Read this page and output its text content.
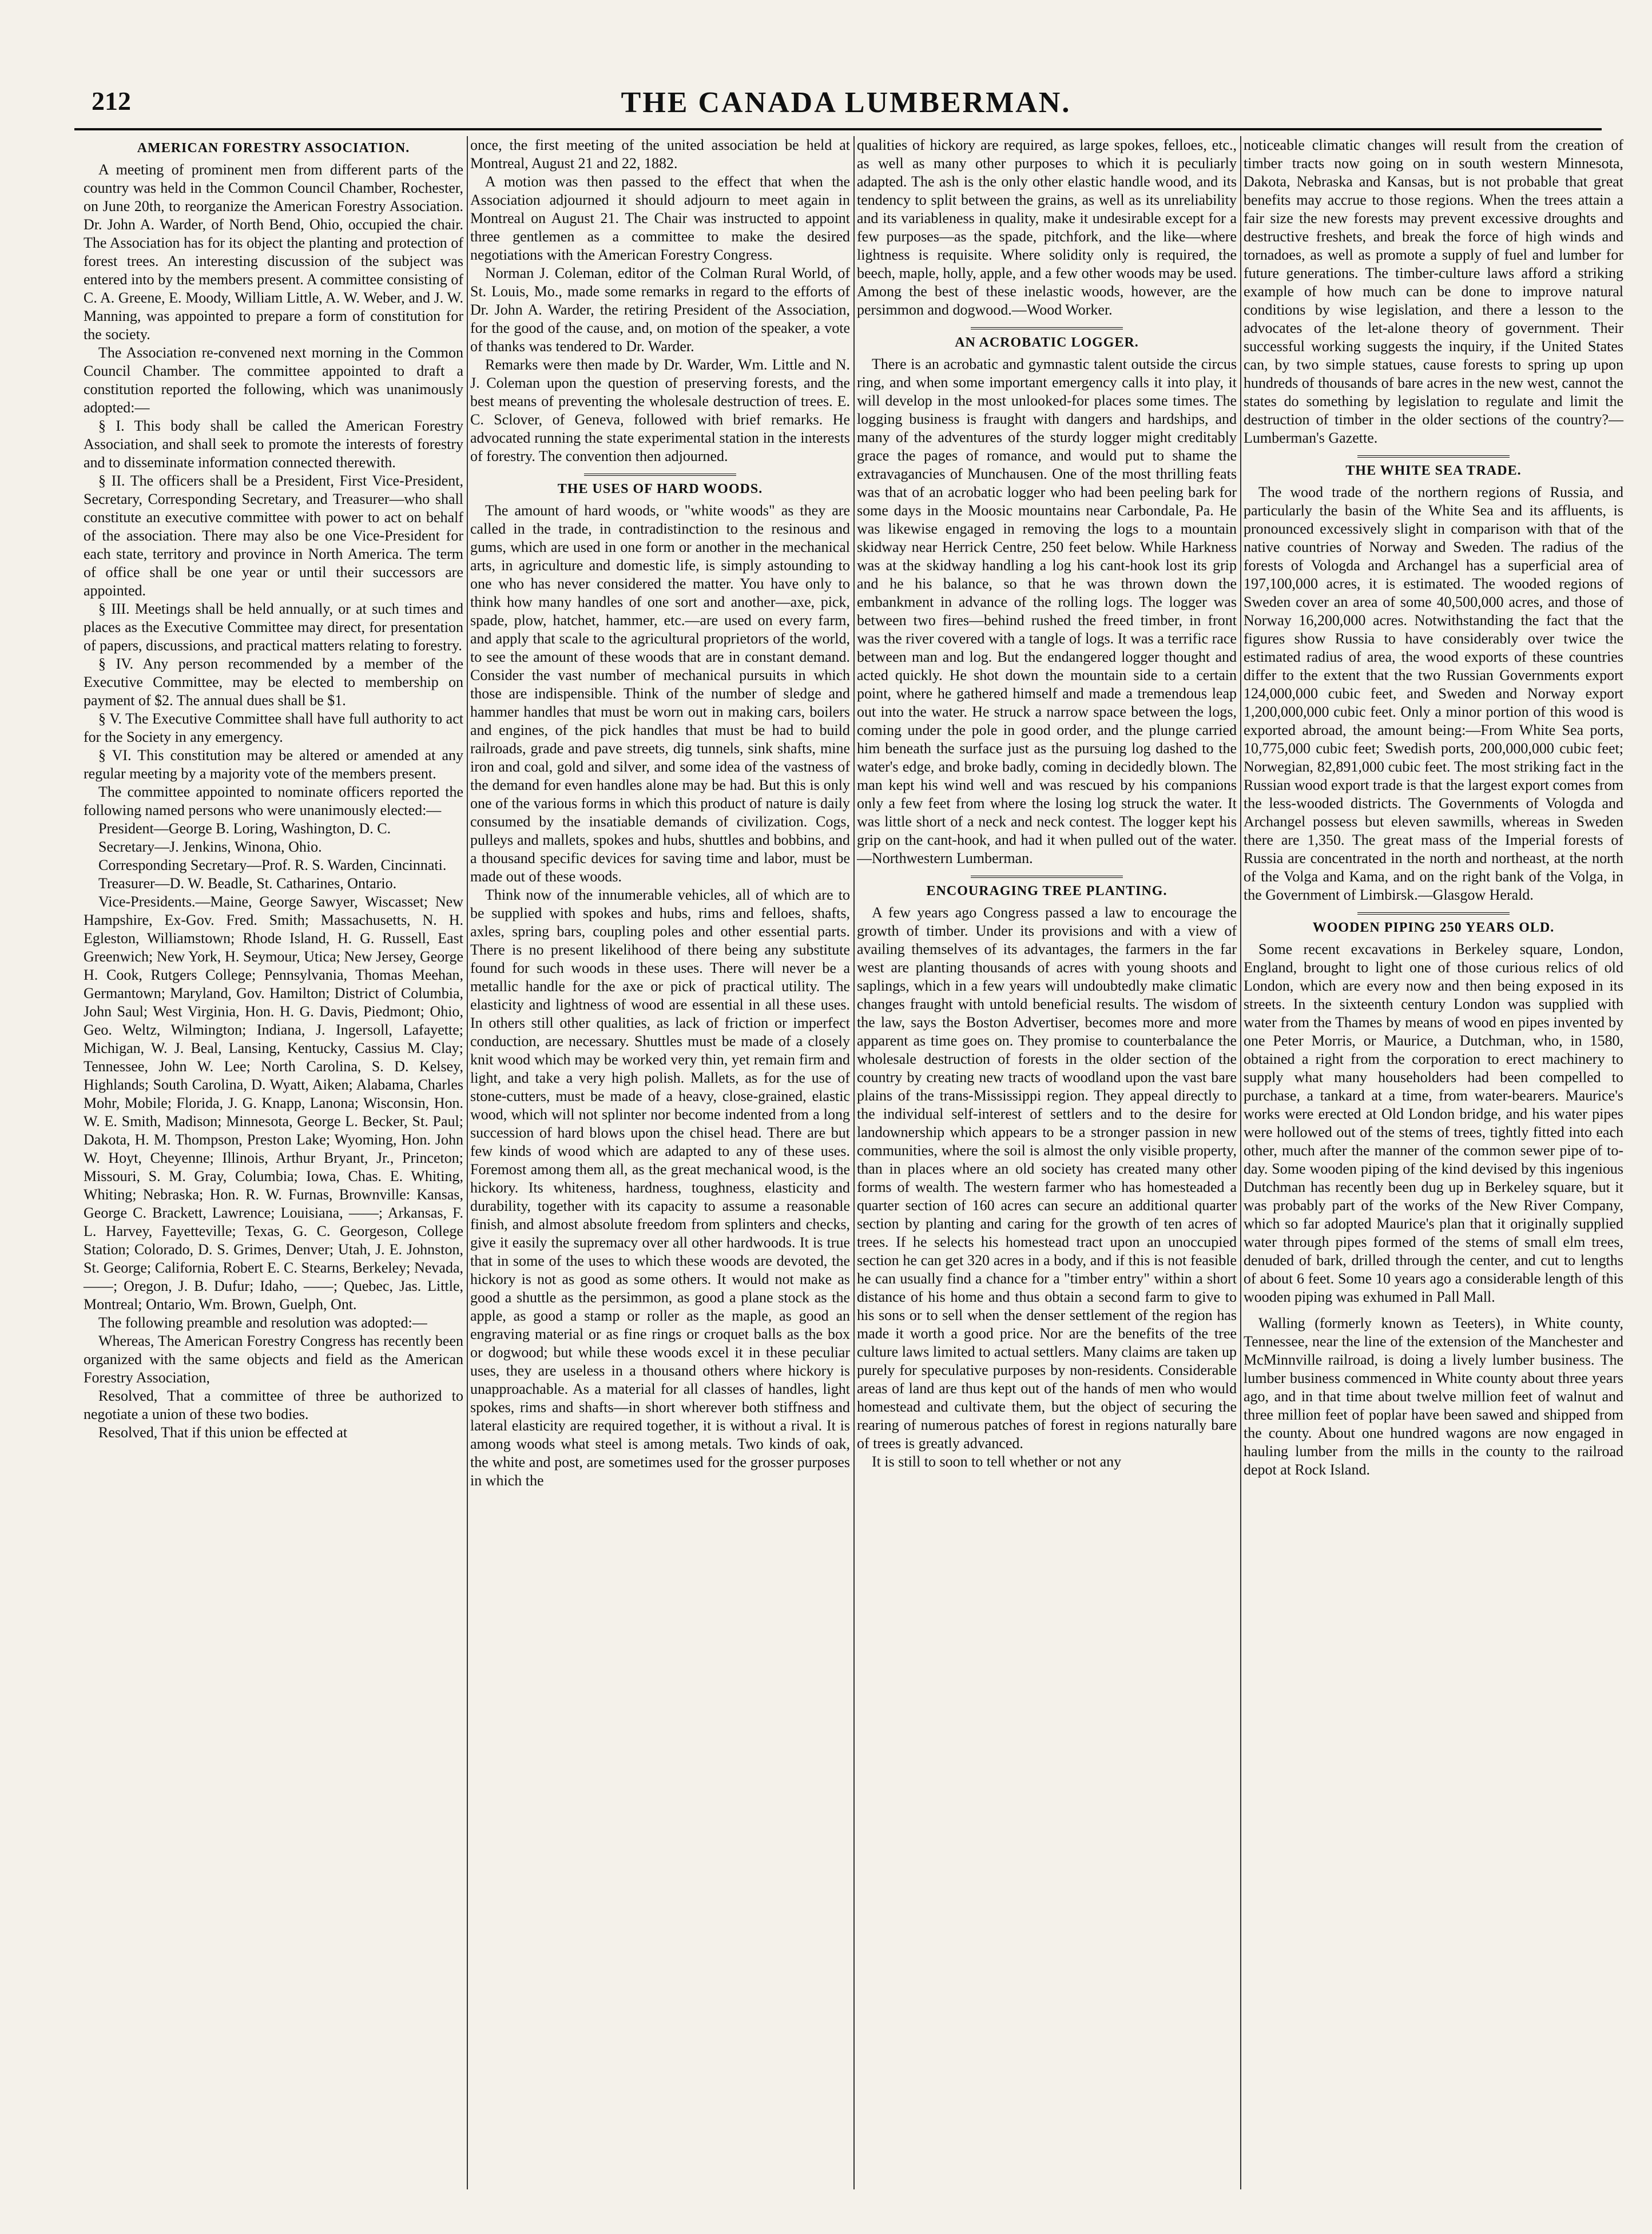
212	THE CANADA LUMBERMAN.
AMERICAN FORESTRY ASSOCIATION.

A meeting of prominent men from different parts of the country was held in the Common Council Chamber, Rochester, on June 20th, to reorganize the American Forestry Association. Dr. John A. Warder, of North Bend, Ohio, occupied the chair. The Association has for its object the planting and protection of forest trees. An interesting discussion of the subject was entered into by the members present. A committee consisting of C. A. Greene, E. Moody, William Little, A. W. Weber, and J. W. Manning, was appointed to prepare a form of constitution for the society.

The Association re-convened next morning in the Common Council Chamber. The committee appointed to draft a constitution reported the following, which was unanimously adopted:—

§ I. This body shall be called the American Forestry Association, and shall seek to promote the interests of forestry and to disseminate information connected therewith.

§ II. The officers shall be a President, First Vice-President, Secretary, Corresponding Secretary, and Treasurer—who shall constitute an executive committee with power to act on behalf of the association. There may also be one Vice-President for each state, territory and province in North America. The term of office shall be one year or until their successors are appointed.

§ III. Meetings shall be held annually, or at such times and places as the Executive Committee may direct, for presentation of papers, discussions, and practical matters relating to forestry.

§ IV. Any person recommended by a member of the Executive Committee, may be elected to membership on payment of $2. The annual dues shall be $1.

§ V. The Executive Committee shall have full authority to act for the Society in any emergency.

§ VI. This constitution may be altered or amended at any regular meeting by a majority vote of the members present.

The committee appointed to nominate officers reported the following named persons who were unanimously elected:—

President—George B. Loring, Washington, D. C.

Secretary—J. Jenkins, Winona, Ohio.

Corresponding Secretary—Prof. R. S. Warden, Cincinnati.

Treasurer—D. W. Beadle, St. Catharines, Ontario.

Vice-Presidents.—Maine, George Sawyer, Wiscasset; New Hampshire, Ex-Gov. Fred. Smith; Massachusetts, N. H. Egleston, Williamstown; Rhode Island, H. G. Russell, East Greenwich; New York, H. Seymour, Utica; New Jersey, George H. Cook, Rutgers College; Pennsylvania, Thomas Meehan, Germantown; Maryland, Gov. Hamilton; District of Columbia, John Saul; West Virginia, Hon. H. G. Davis, Piedmont; Ohio, Geo. Weltz, Wilmington; Indiana, J. Ingersoll, Lafayette; Michigan, W. J. Beal, Lansing, Kentucky, Cassius M. Clay; Tennessee, John W. Lee; North Carolina, S. D. Kelsey, Highlands; South Carolina, D. Wyatt, Aiken; Alabama, Charles Mohr, Mobile; Florida, J. G. Knapp, Lanona; Wisconsin, Hon. W. E. Smith, Madison; Minnesota, George L. Becker, St. Paul; Dakota, H. M. Thompson, Preston Lake; Wyoming, Hon. John W. Hoyt, Cheyenne; Illinois, Arthur Bryant, Jr., Princeton; Missouri, S. M. Gray, Columbia; Iowa, Chas. E. Whiting, Whiting; Nebraska; Hon. R. W. Furnas, Brownville: Kansas, George C. Brackett, Lawrence; Louisiana, ——; Arkansas, F. L. Harvey, Fayetteville; Texas, G. C. Georgeson, College Station; Colorado, D. S. Grimes, Denver; Utah, J. E. Johnston, St. George; California, Robert E. C. Stearns, Berkeley; Nevada, ——; Oregon, J. B. Dufur; Idaho, ——; Quebec, Jas. Little, Montreal; Ontario, Wm. Brown, Guelph, Ont.

The following preamble and resolution was adopted:—

Whereas, The American Forestry Congress has recently been organized with the same objects and field as the American Forestry Association,

Resolved, That a committee of three be authorized to negotiate a union of these two bodies.

Resolved, That if this union be effected at

once, the first meeting of the united association be held at Montreal, August 21 and 22, 1882.

A motion was then passed to the effect that when the Association adjourned it should adjourn to meet again in Montreal on August 21. The Chair was instructed to appoint three gentlemen as a committee to make the desired negotiations with the American Forestry Congress.

Norman J. Coleman, editor of the Colman Rural World, of St. Louis, Mo., made some remarks in regard to the efforts of Dr. John A. Warder, the retiring President of the Association, for the good of the cause, and, on motion of the speaker, a vote of thanks was tendered to Dr. Warder.

Remarks were then made by Dr. Warder, Wm. Little and N. J. Coleman upon the question of preserving forests, and the best means of preventing the wholesale destruction of trees. E. C. Sclover, of Geneva, followed with brief remarks. He advocated running the state experimental station in the interests of forestry. The convention then adjourned.

THE USES OF HARD WOODS.

The amount of hard woods, or "white woods" as they are called in the trade, in contradistinction to the resinous and gums, which are used in one form or another in the mechanical arts, in agriculture and domestic life, is simply astounding to one who has never considered the matter. You have only to think how many handles of one sort and another—axe, pick, spade, plow, hatchet, hammer, etc.—are used on every farm, and apply that scale to the agricultural proprietors of the world, to see the amount of these woods that are in constant demand. Consider the vast number of mechanical pursuits in which those are indispensible. Think of the number of sledge and hammer handles that must be worn out in making cars, boilers and engines, of the pick handles that must be had to build railroads, grade and pave streets, dig tunnels, sink shafts, mine iron and coal, gold and silver, and some idea of the vastness of the demand for even handles alone may be had. But this is only one of the various forms in which this product of nature is daily consumed by the insatiable demands of civilization. Cogs, pulleys and mallets, spokes and hubs, shuttles and bobbins, and a thousand specific devices for saving time and labor, must be made out of these woods.

Think now of the innumerable vehicles, all of which are to be supplied with spokes and hubs, rims and felloes, shafts, axles, spring bars, coupling poles and other essential parts. There is no present likelihood of there being any substitute found for such woods in these uses. There will never be a metallic handle for the axe or pick of practical utility. The elasticity and lightness of wood are essential in all these uses. In others still other qualities, as lack of friction or imperfect conduction, are necessary. Shuttles must be made of a closely knit wood which may be worked very thin, yet remain firm and light, and take a very high polish. Mallets, as for the use of stone-cutters, must be made of a heavy, close-grained, elastic wood, which will not splinter nor become indented from a long succession of hard blows upon the chisel head. There are but few kinds of wood which are adapted to any of these uses. Foremost among them all, as the great mechanical wood, is the hickory. Its whiteness, hardness, toughness, elasticity and durability, together with its capacity to assume a reasonable finish, and almost absolute freedom from splinters and checks, give it easily the supremacy over all other hardwoods. It is true that in some of the uses to which these woods are devoted, the hickory is not as good as some others. It would not make as good a shuttle as the persimmon, as good a plane stock as the apple, as good a stamp or roller as the maple, as good an engraving material or as fine rings or croquet balls as the box or dogwood; but while these woods excel it in these peculiar uses, they are useless in a thousand others where hickory is unapproachable. As a material for all classes of handles, light spokes, rims and shafts—in short wherever both stiffness and lateral elasticity are required together, it is without a rival. It is among woods what steel is among metals. Two kinds of oak, the white and post, are sometimes used for the grosser purposes in which the

qualities of hickory are required, as large spokes, felloes, etc., as well as many other purposes to which it is peculiarly adapted. The ash is the only other elastic handle wood, and its tendency to split between the grains, as well as its unreliability and its variableness in quality, make it undesirable except for a few purposes—as the spade, pitchfork, and the like—where lightness is requisite. Where solidity only is required, the beech, maple, holly, apple, and a few other woods may be used. Among the best of these inelastic woods, however, are the persimmon and dogwood.—Wood Worker.

AN ACROBATIC LOGGER.

There is an acrobatic and gymnastic talent outside the circus ring, and when some important emergency calls it into play, it will develop in the most unlooked-for places some times. The logging business is fraught with dangers and hardships, and many of the adventures of the sturdy logger might creditably grace the pages of romance, and would put to shame the extravagancies of Munchausen. One of the most thrilling feats was that of an acrobatic logger who had been peeling bark for some days in the Moosic mountains near Carbondale, Pa. He was likewise engaged in removing the logs to a mountain skidway near Herrick Centre, 250 feet below. While Harkness was at the skidway handling a log his cant-hook lost its grip and he his balance, so that he was thrown down the embankment in advance of the rolling logs. The logger was between two fires—behind rushed the freed timber, in front was the river covered with a tangle of logs. It was a terrific race between man and log. But the endangered logger thought and acted quickly. He shot down the mountain side to a certain point, where he gathered himself and made a tremendous leap out into the water. He struck a narrow space between the logs, coming under the pole in good order, and the plunge carried him beneath the surface just as the pursuing log dashed to the water's edge, and broke badly, coming in decidedly blown. The man kept his wind well and was rescued by his companions only a few feet from where the losing log struck the water. It was little short of a neck and neck contest. The logger kept his grip on the cant-hook, and had it when pulled out of the water.—Northwestern Lumberman.

ENCOURAGING TREE PLANTING.

A few years ago Congress passed a law to encourage the growth of timber. Under its provisions and with a view of availing themselves of its advantages, the farmers in the far west are planting thousands of acres with young shoots and saplings, which in a few years will undoubtedly make climatic changes fraught with untold beneficial results. The wisdom of the law, says the Boston Advertiser, becomes more and more apparent as time goes on. They promise to counterbalance the wholesale destruction of forests in the older section of the country by creating new tracts of woodland upon the vast bare plains of the trans-Mississippi region. They appeal directly to the individual self-interest of settlers and to the desire for landownership which appears to be a stronger passion in new communities, where the soil is almost the only visible property, than in places where an old society has created many other forms of wealth. The western farmer who has homesteaded a quarter section of 160 acres can secure an additional quarter section by planting and caring for the growth of ten acres of trees. If he selects his homestead tract upon an unoccupied section he can get 320 acres in a body, and if this is not feasible he can usually find a chance for a "timber entry" within a short distance of his home and thus obtain a second farm to give to his sons or to sell when the denser settlement of the region has made it worth a good price. Nor are the benefits of the tree culture laws limited to actual settlers. Many claims are taken up purely for speculative purposes by non-residents. Considerable areas of land are thus kept out of the hands of men who would homestead and cultivate them, but the object of securing the rearing of numerous patches of forest in regions naturally bare of trees is greatly advanced.

It is still to soon to tell whether or not any

noticeable climatic changes will result from the creation of timber tracts now going on in south western Minnesota, Dakota, Nebraska and Kansas, but is not probable that great benefits may accrue to those regions. When the trees attain a fair size the new forests may prevent excessive droughts and destructive freshets, and break the force of high winds and tornadoes, as well as promote a supply of fuel and lumber for future generations. The timber-culture laws afford a striking example of how much can be done to improve natural conditions by wise legislation, and there a lesson to the advocates of the let-alone theory of government. Their successful working suggests the inquiry, if the United States can, by two simple statues, cause forests to spring up upon hundreds of thousands of bare acres in the new west, cannot the states do something by legislation to regulate and limit the destruction of timber in the older sections of the country?—Lumberman's Gazette.

THE WHITE SEA TRADE.

The wood trade of the northern regions of Russia, and particularly the basin of the White Sea and its affluents, is pronounced excessively slight in comparison with that of the native countries of Norway and Sweden. The radius of the forests of Vologda and Archangel has a superficial area of 197,100,000 acres, it is estimated. The wooded regions of Sweden cover an area of some 40,500,000 acres, and those of Norway 16,200,000 acres. Notwithstanding the fact that the figures show Russia to have considerably over twice the estimated radius of area, the wood exports of these countries differ to the extent that the two Russian Governments export 124,000,000 cubic feet, and Sweden and Norway export 1,200,000,000 cubic feet. Only a minor portion of this wood is exported abroad, the amount being:—From White Sea ports, 10,775,000 cubic feet; Swedish ports, 200,000,000 cubic feet; Norwegian, 82,891,000 cubic feet. The most striking fact in the Russian wood export trade is that the largest export comes from the less-wooded districts. The Governments of Vologda and Archangel possess but eleven sawmills, whereas in Sweden there are 1,350. The great mass of the Imperial forests of Russia are concentrated in the north and northeast, at the north of the Volga and Kama, and on the right bank of the Volga, in the Government of Limbirsk.—Glasgow Herald.

WOODEN PIPING 250 YEARS OLD.

Some recent excavations in Berkeley square, London, England, brought to light one of those curious relics of old London, which are every now and then being exposed in its streets. In the sixteenth century London was supplied with water from the Thames by means of wood en pipes invented by one Peter Morris, or Maurice, a Dutchman, who, in 1580, obtained a right from the corporation to erect machinery to supply what many householders had been compelled to purchase, a tankard at a time, from water-bearers. Maurice's works were erected at Old London bridge, and his water pipes were hollowed out of the stems of trees, tightly fitted into each other, much after the manner of the common sewer pipe of to-day. Some wooden piping of the kind devised by this ingenious Dutchman has recently been dug up in Berkeley square, but it was probably part of the works of the New River Company, which so far adopted Maurice's plan that it originally supplied water through pipes formed of the stems of small elm trees, denuded of bark, drilled through the center, and cut to lengths of about 6 feet. Some 10 years ago a considerable length of this wooden piping was exhumed in Pall Mall.

Walling (formerly known as Teeters), in White county, Tennessee, near the line of the extension of the Manchester and McMinnville railroad, is doing a lively lumber business. The lumber business commenced in White county about three years ago, and in that time about twelve million feet of walnut and three million feet of poplar have been sawed and shipped from the county. About one hundred wagons are now engaged in hauling lumber from the mills in the county to the railroad depot at Rock Island.
